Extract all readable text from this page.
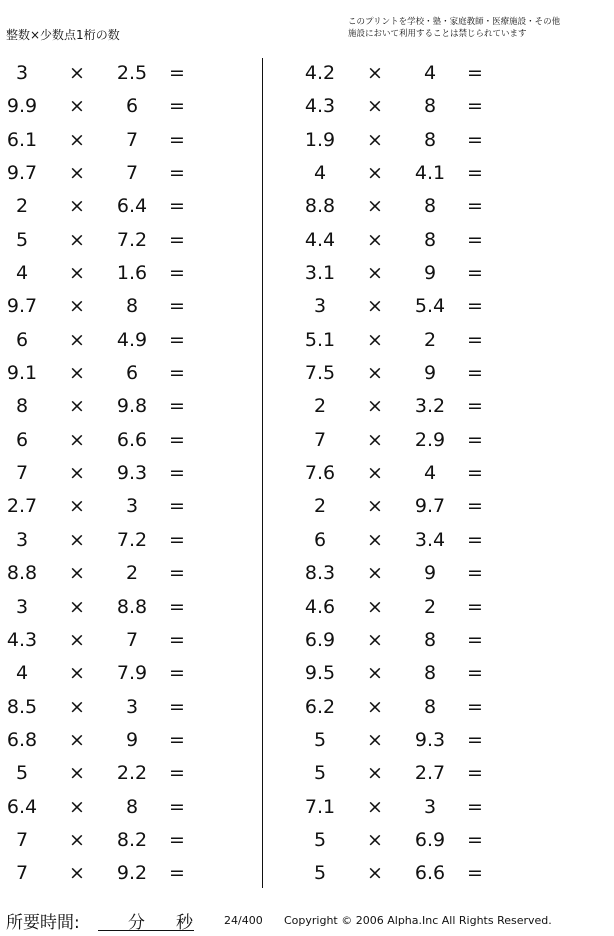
整数×少数点1桁の数
このプリントを学校・塾・家庭教師・医療施設・その他
施設において利用することは禁じられています
3	×	2.5	=
9.9	×	6	=
6.1	×	7	=
9.7	×	7	=
2	×	6.4	=
5	×	7.2	=
4	×	1.6	=
9.7	×	8	=
6	×	4.9	=
9.1	×	6	=
8	×	9.8	=
6	×	6.6	=
7	×	9.3	=
2.7	×	3	=
3	×	7.2	=
8.8	×	2	=
3	×	8.8	=
4.3	×	7	=
4	×	7.9	=
8.5	×	3	=
6.8	×	9	=
5	×	2.2	=
6.4	×	8	=
7	×	8.2	=
7	×	9.2	=
4.2	×	4	=
4.3	×	8	=
1.9	×	8	=
4	×	4.1	=
8.8	×	8	=
4.4	×	8	=
3.1	×	9	=
3	×	5.4	=
5.1	×	2	=
7.5	×	9	=
2	×	3.2	=
7	×	2.9	=
7.6	×	4	=
2	×	9.7	=
6	×	3.4	=
8.3	×	9	=
4.6	×	2	=
6.9	×	8	=
9.5	×	8	=
6.2	×	8	=
5	×	9.3	=
5	×	2.7	=
7.1	×	3	=
5	×	6.9	=
5	×	6.6	=
所要時間:	分 秒	24/400 Copyright © 2006 Alpha.Inc All Rights Reserved.
